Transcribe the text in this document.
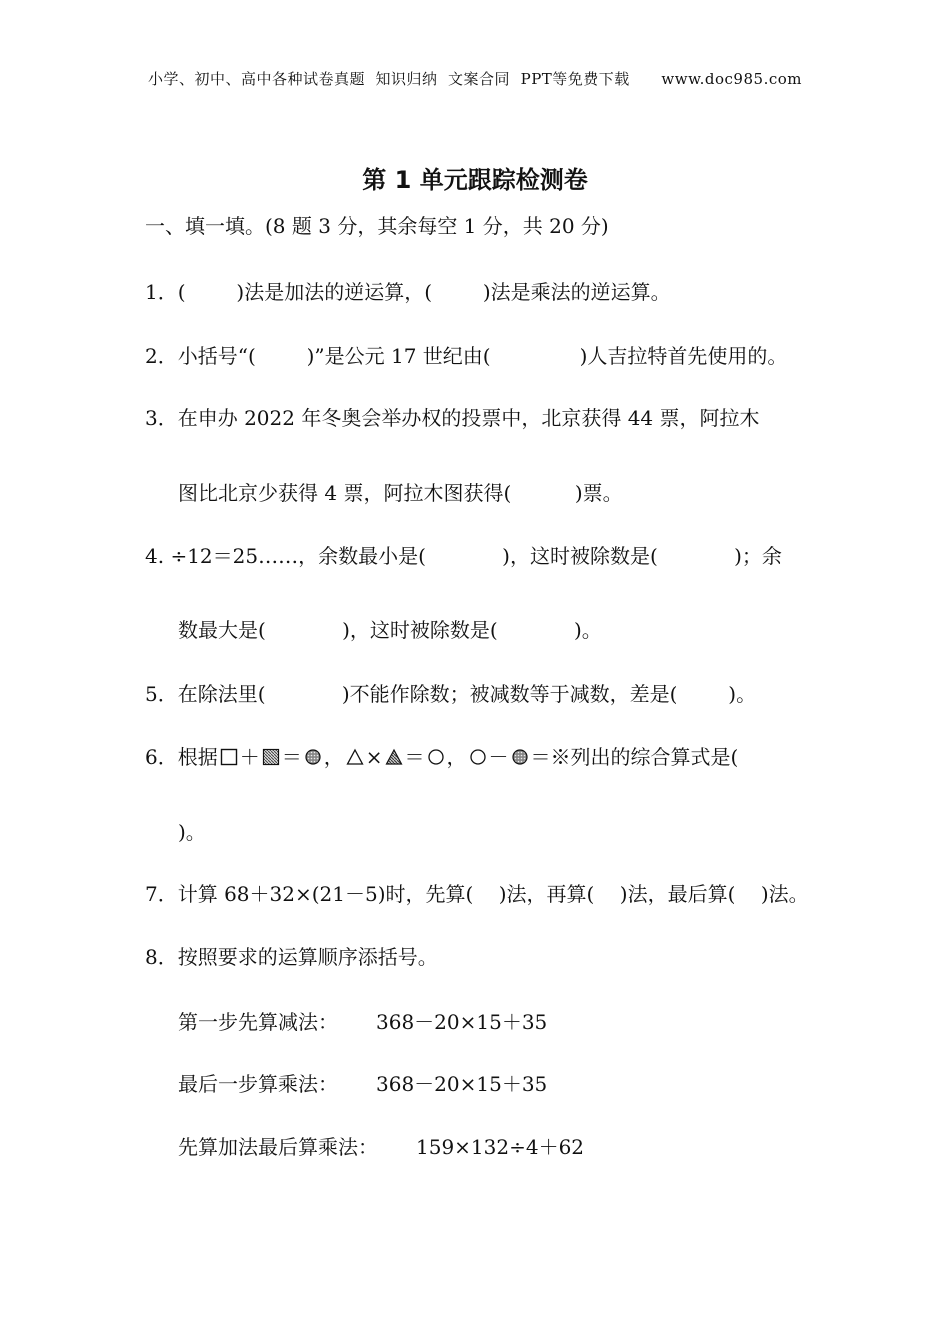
小学、初中、高中各种试卷真题  知识归纳  文案合同  PPT等免费下载      www.doc985.com
第 1 单元跟踪检测卷
一、填一填。(8 题 3 分，其余每空 1 分，共 20 分)
1．(        )法是加法的逆运算，(        )法是乘法的逆运算。
2．小括号“(        )”是公元 17 世纪由(              )人吉拉特首先使用的。
3．在申办 2022 年冬奥会举办权的投票中，北京获得 44 票，阿拉木
图比北京少获得 4 票，阿拉木图获得(          )票。
4. ÷12＝25……，余数最小是(            )，这时被除数是(            )；余
数最大是(            )，这时被除数是(            )。
5．在除法里(            )不能作除数；被减数等于减数，差是(        )。
6．根据 ＋ ＝ ， × ＝ ， － ＝※列出的综合算式是(
)。
7．计算 68＋32×(21－5)时，先算(    )法，再算(    )法，最后算(    )法。
8．按照要求的运算顺序添括号。
第一步先算减法： 368－20×15＋35
最后一步算乘法： 368－20×15＋35
先算加法最后算乘法： 159×132÷4＋62
